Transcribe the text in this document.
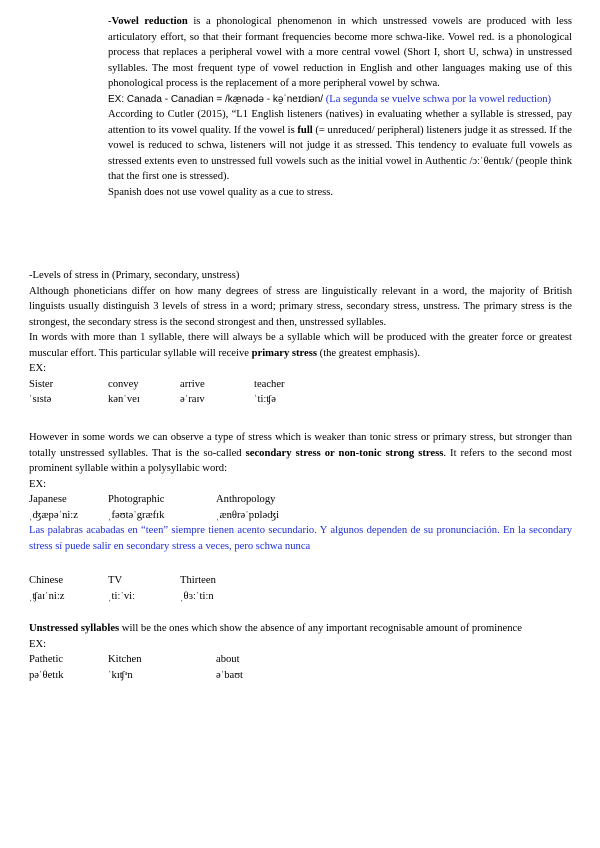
-Vowel reduction is a phonological phenomenon in which unstressed vowels are produced with less articulatory effort, so that their formant frequencies become more schwa-like. Vowel red. is a phonological process that replaces a peripheral vowel with a more central vowel (Short I, short U, schwa) in unstressed syllables. The most frequent type of vowel reduction in English and other languages making use of this phonological process is the replacement of a more peripheral vowel by schwa.

EX: Canada - Canadian = /kæ̱nədə - kə̱ˈneɪdiən/ (La segunda se vuelve schwa por la vowel reduction)

According to Cutler (2015), “L1 English listeners (natives) in evaluating whether a syllable is stressed, pay attention to its vowel quality. If the vowel is full (= unreduced/ peripheral) listeners judge it as stressed. If the vowel is reduced to schwa, listeners will not judge it as stressed. This tendency to evaluate full vowels as stressed extents even to unstressed full vowels such as the initial vowel in Authentic /ɔːˈθentɪk/ (people think that the first one is stressed).

Spanish does not use vowel quality as a cue to stress.

-Levels of stress in (Primary, secondary, unstress)

Although phoneticians differ on how many degrees of stress are linguistically relevant in a word, the majority of British linguists usually distinguish 3 levels of stress in a word; primary stress, secondary stress, unstress. The primary stress is the strongest, the secondary stress is the second strongest and then, unstressed syllables.

In words with more than 1 syllable, there will always be a syllable which will be produced with the greater force or greatest muscular effort. This particular syllable will receive primary stress (the greatest emphasis).

EX:

Sister	convey	arrive	teacher
ˈsɪstə	kənˈveɪ	əˈraɪv	ˈtiːʧə

However in some words we can observe a type of stress which is weaker than tonic stress or primary stress, but stronger than totally unstressed syllables. That is the so-called secondary stress or non-tonic strong stress. It refers to the second most prominent syllable within a polysyllabic word:

EX:

Japanese	Photographic	Anthropology
ˌʤæpəˈniːz	ˌfəʊtəˈgræfɪk	ˌænθrəˈpɒləʤi

Las palabras acabadas en “teen” siempre tienen acento secundario. Y algunos dependen de su pronunciación. En la secondary stress sí puede salir en secondary stress a veces, pero schwa nunca

Chinese	TV	Thirteen
ˌʧaɪˈniːz	ˌtiːˈviː	ˌθɜːˈtiːn

Unstressed syllables will be the ones which show the absence of any important recognisable amount of prominence

EX:

Pathetic	Kitchen	about
pəˈθetɪk	ˈkɪʧᵊn	əˈbaʊt
